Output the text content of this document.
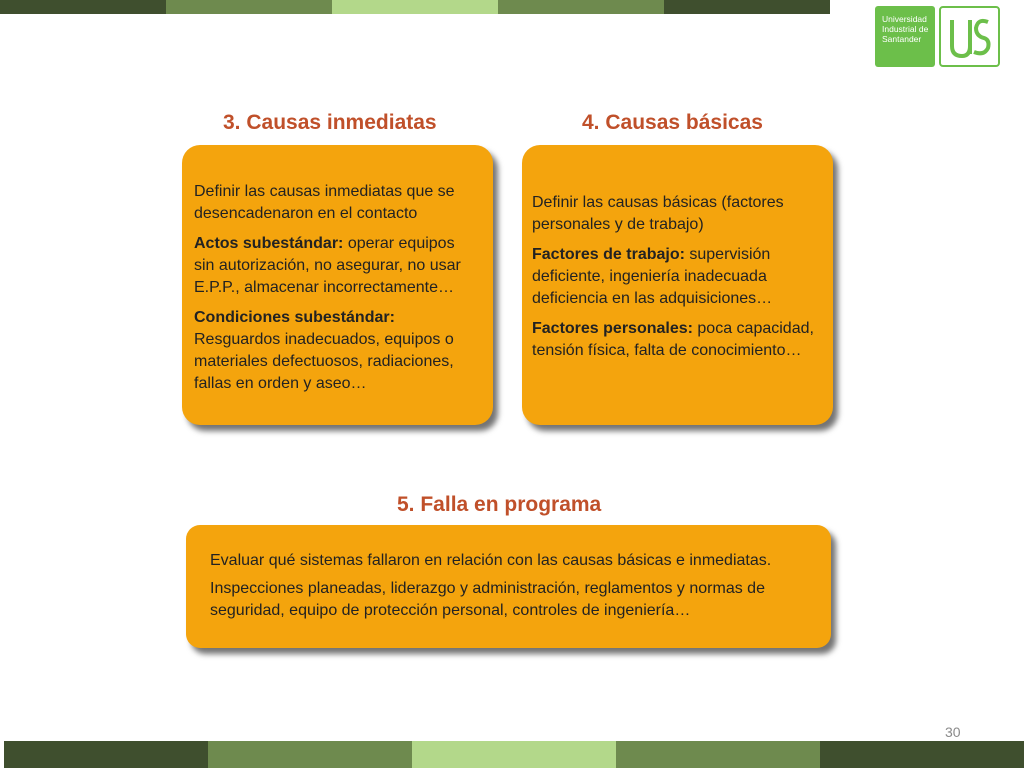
Universidad
Industrial de
Santander
3. Causas inmediatas

Definir las causas inmediatas que se desencadenaron en el contacto

Actos subestándar: operar equipos sin autorización, no asegurar, no usar E.P.P., almacenar incorrectamente…

Condiciones subestándar: Resguardos inadecuados, equipos o materiales defectuosos, radiaciones, fallas en orden y aseo…

4. Causas básicas

Definir las causas básicas (factores personales y de trabajo)

Factores de trabajo: supervisión deficiente, ingeniería inadecuada deficiencia en las adquisiciones…

Factores personales: poca capacidad, tensión física, falta de conocimiento…

5. Falla en programa

Evaluar qué sistemas fallaron en relación con las causas básicas e inmediatas.

Inspecciones planeadas, liderazgo y administración, reglamentos y normas de seguridad, equipo de protección personal, controles de ingeniería…

30
